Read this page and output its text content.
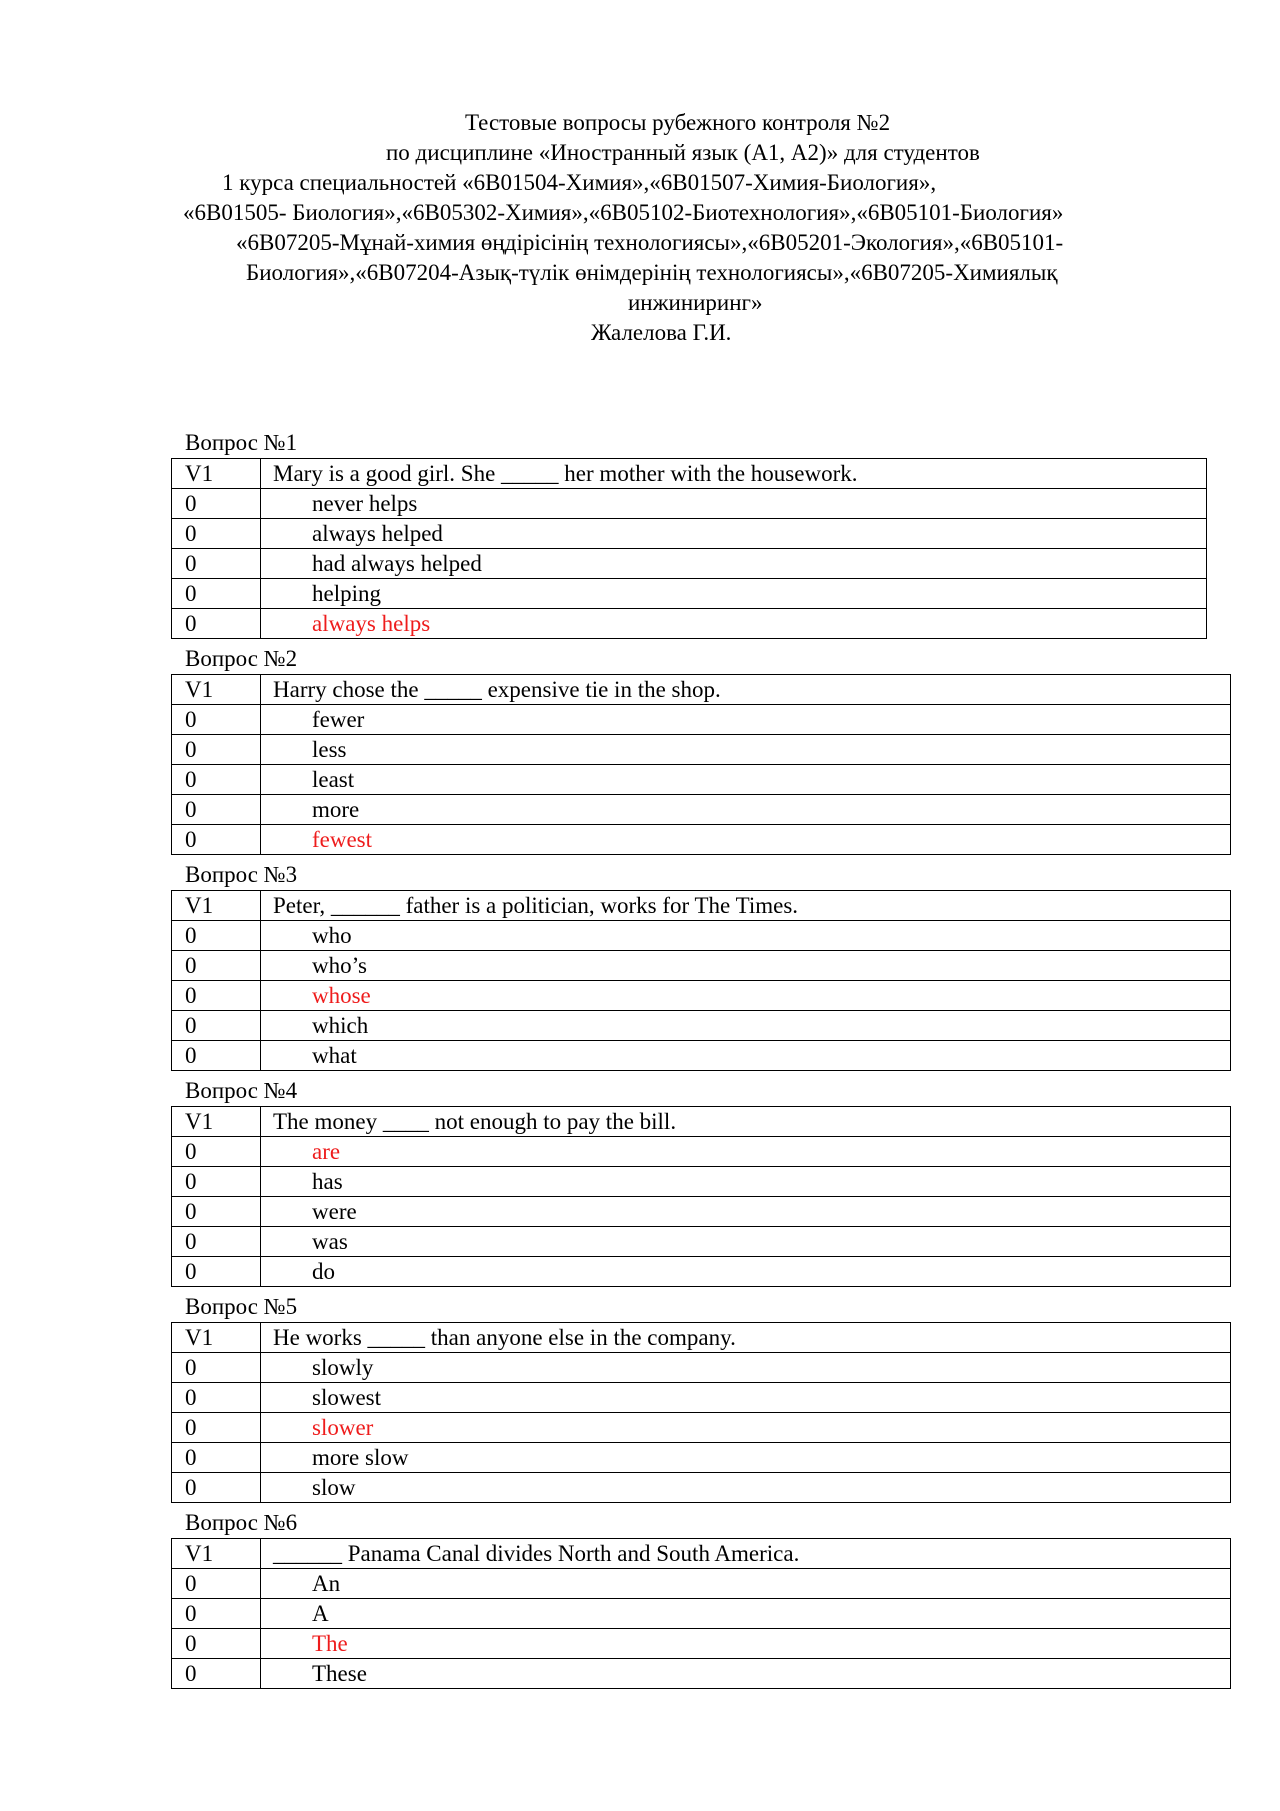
Тестовые вопросы рубежного контроля №2
по дисциплине «Иностранный язык (А1, А2)» для студентов
1 курса специальностей «6В01504-Химия»,«6В01507-Химия-Биология»,
«6В01505- Биология»,«6В05302-Химия»,«6В05102-Биотехнология»,«6В05101-Биология»
«6В07205-Мұнай-химия өңдірісінің технологиясы»,«6В05201-Экология»,«6В05101-
Биология»,«6В07204-Азық-түлік өнімдерінің технологиясы»,«6В07205-Химиялық
инжиниринг»
Жалелова Г.И.
Вопрос №1
V1	Mary is a good girl. She _____ her mother with the housework.
0	never helps
0	always helped
0	had always helped
0	helping
0	always helps
Вопрос №2
V1	Harry chose the _____ expensive tie in the shop.
0	fewer
0	less
0	least
0	more
0	fewest
Вопрос №3
V1	Peter, ______ father is a politician, works for The Times.
0	who
0	who’s
0	whose
0	which
0	what
Вопрос №4
V1	The money ____ not enough to pay the bill.
0	are
0	has
0	were
0	was
0	do
Вопрос №5
V1	He works _____ than anyone else in the company.
0	slowly
0	slowest
0	slower
0	more slow
0	slow
Вопрос №6
V1	______ Panama Canal divides North and South America.
0	An
0	A
0	The
0	These
